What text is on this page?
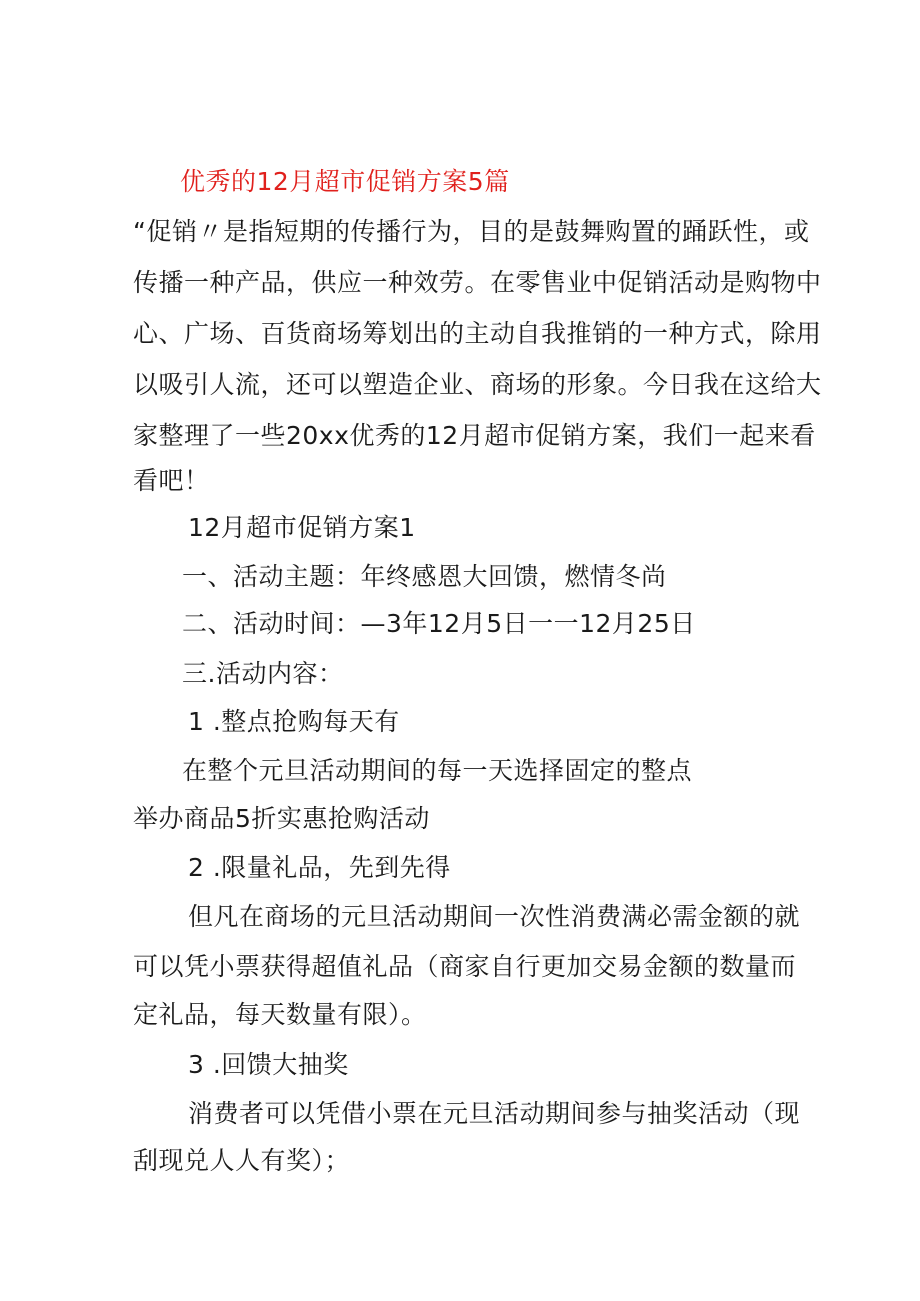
优秀的12月超市促销方案5篇
“促销〃是指短期的传播行为，目的是鼓舞购置的踊跃性，或
传播一种产品，供应一种效劳。在零售业中促销活动是购物中
心、广场、百货商场筹划出的主动自我推销的一种方式，除用
以吸引人流，还可以塑造企业、商场的形象。今日我在这给大
家整理了一些20xx优秀的12月超市促销方案，我们一起来看
看吧！
12月超市促销方案1
一、活动主题：年终感恩大回馈，燃情冬尚
二、活动时间：—3年12月5日一一12月25日
三.活动内容：
1 .整点抢购每天有
在整个元旦活动期间的每一天选择固定的整点
举办商品5折实惠抢购活动
2 .限量礼品，先到先得
但凡在商场的元旦活动期间一次性消费满必需金额的就
可以凭小票获得超值礼品（商家自行更加交易金额的数量而
定礼品，每天数量有限）。
3 .回馈大抽奖
消费者可以凭借小票在元旦活动期间参与抽奖活动（现
刮现兑人人有奖）；
